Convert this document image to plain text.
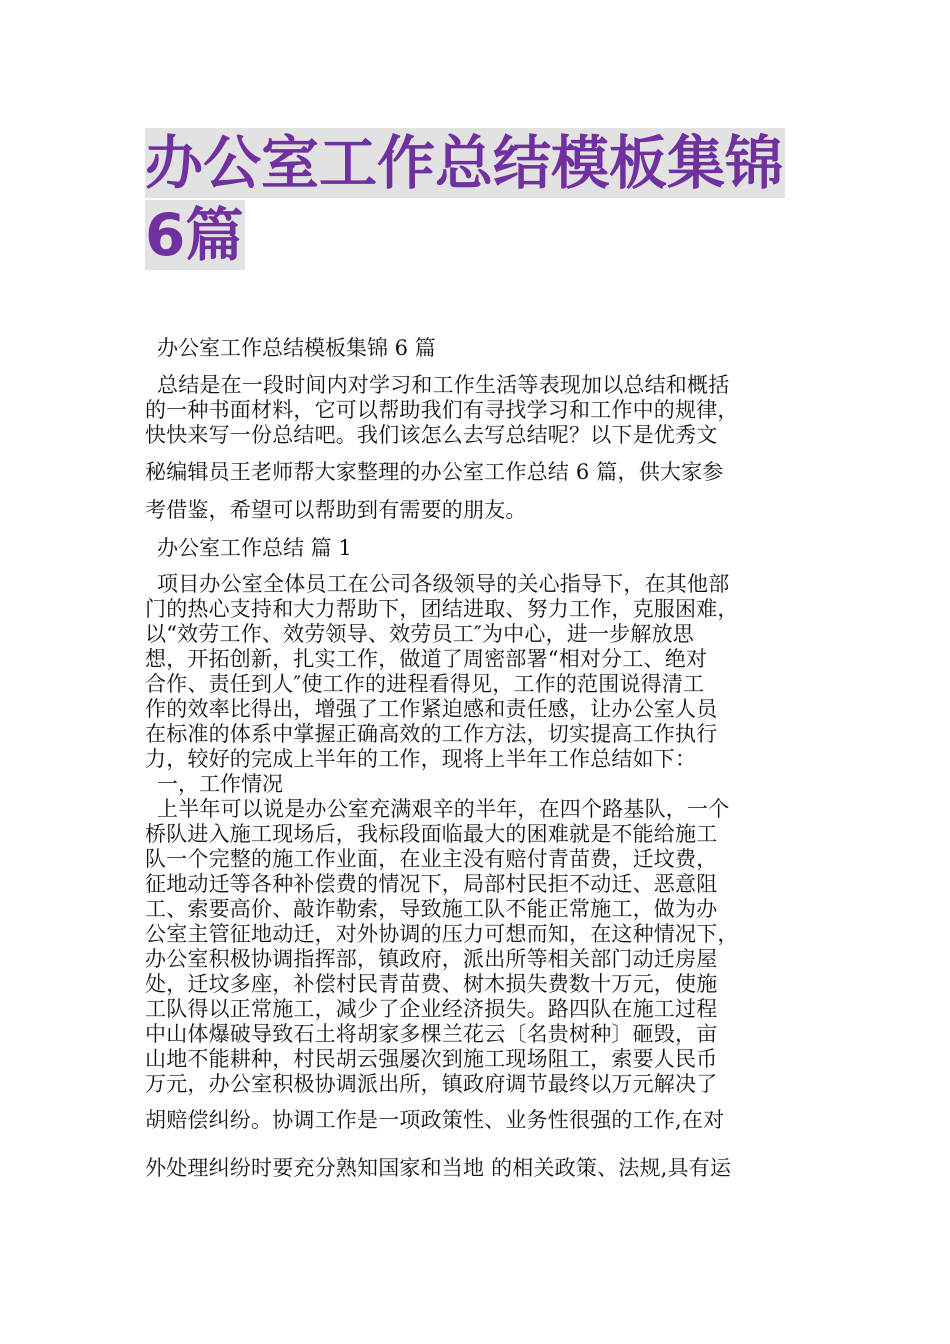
办公室工作总结模板集锦
6篇
办公室工作总结模板集锦 6 篇
总结是在一段时间内对学习和工作生活等表现加以总结和概括
的一种书面材料，它可以帮助我们有寻找学习和工作中的规律，
快快来写一份总结吧。我们该怎么去写总结呢？以下是优秀文
秘编辑员王老师帮大家整理的办公室工作总结 6 篇，供大家参
考借鉴，希望可以帮助到有需要的朋友。
办公室工作总结 篇 1
项目办公室全体员工在公司各级领导的关心指导下，在其他部
门的热心支持和大力帮助下，团结进取、努力工作，克服困难，
以“效劳工作、效劳领导、效劳员工″为中心，进一步解放思
想，开拓创新，扎实工作，做道了周密部署“相对分工、绝对
合作、责任到人″使工作的进程看得见，工作的范围说得清工
作的效率比得出，增强了工作紧迫感和责任感，让办公室人员
在标准的体系中掌握正确高效的工作方法，切实提高工作执行
力，较好的完成上半年的工作，现将上半年工作总结如下：
一，工作情况
上半年可以说是办公室充满艰辛的半年，在四个路基队，一个
桥队进入施工现场后，我标段面临最大的困难就是不能给施工
队一个完整的施工作业面，在业主没有赔付青苗费，迁坟费，
征地动迁等各种补偿费的情况下，局部村民拒不动迁、恶意阻
工、索要高价、敲诈勒索，导致施工队不能正常施工，做为办
公室主管征地动迁，对外协调的压力可想而知，在这种情况下，
办公室积极协调指挥部，镇政府，派出所等相关部门动迁房屋
处，迁坟多座，补偿村民青苗费、树木损失费数十万元，使施
工队得以正常施工，减少了企业经济损失。路四队在施工过程
中山体爆破导致石土将胡家多棵兰花云〔名贵树种〕砸毁，亩
山地不能耕种，村民胡云强屡次到施工现场阻工，索要人民币
万元，办公室积极协调派出所，镇政府调节最终以万元解决了
胡赔偿纠纷。协调工作是一项政策性、业务性很强的工作,在对
外处理纠纷时要充分熟知国家和当地 的相关政策、法规,具有运
